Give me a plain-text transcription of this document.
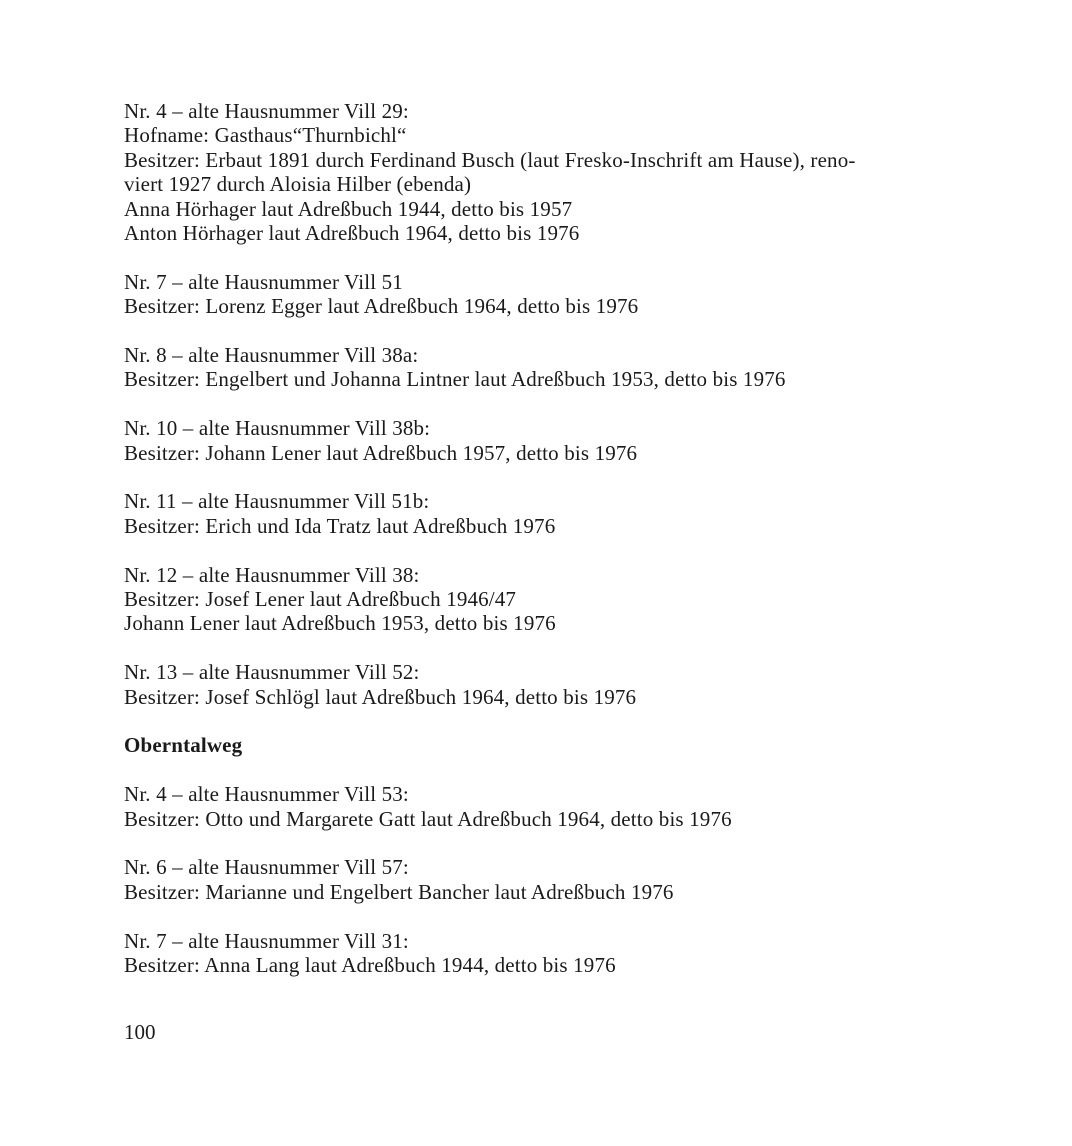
Nr. 4 – alte Hausnummer Vill 29:
Hofname: Gasthaus“Thurnbichl“
Besitzer: Erbaut 1891 durch Ferdinand Busch (laut Fresko-Inschrift am Hause), reno-
viert 1927 durch Aloisia Hilber (ebenda)
Anna Hörhager laut Adreßbuch 1944, detto bis 1957
Anton Hörhager laut Adreßbuch 1964, detto bis 1976
Nr. 7 – alte Hausnummer Vill 51
Besitzer: Lorenz Egger laut Adreßbuch 1964, detto bis 1976
Nr. 8 – alte Hausnummer Vill 38a:
Besitzer: Engelbert und Johanna Lintner laut Adreßbuch 1953, detto bis 1976
Nr. 10 – alte Hausnummer Vill 38b:
Besitzer: Johann Lener laut Adreßbuch 1957, detto bis 1976
Nr. 11 – alte Hausnummer Vill 51b:
Besitzer: Erich und Ida Tratz laut Adreßbuch 1976
Nr. 12 – alte Hausnummer Vill 38:
Besitzer: Josef Lener laut Adreßbuch 1946/47
Johann Lener laut Adreßbuch 1953, detto bis 1976
Nr. 13 – alte Hausnummer Vill 52:
Besitzer: Josef Schlögl laut Adreßbuch 1964, detto bis 1976
Oberntalweg
Nr. 4 – alte Hausnummer Vill 53:
Besitzer: Otto und Margarete Gatt laut Adreßbuch 1964, detto bis 1976
Nr. 6 – alte Hausnummer Vill 57:
Besitzer: Marianne und Engelbert Bancher laut Adreßbuch 1976
Nr. 7 – alte Hausnummer Vill 31:
Besitzer: Anna Lang laut Adreßbuch 1944, detto bis 1976
100
